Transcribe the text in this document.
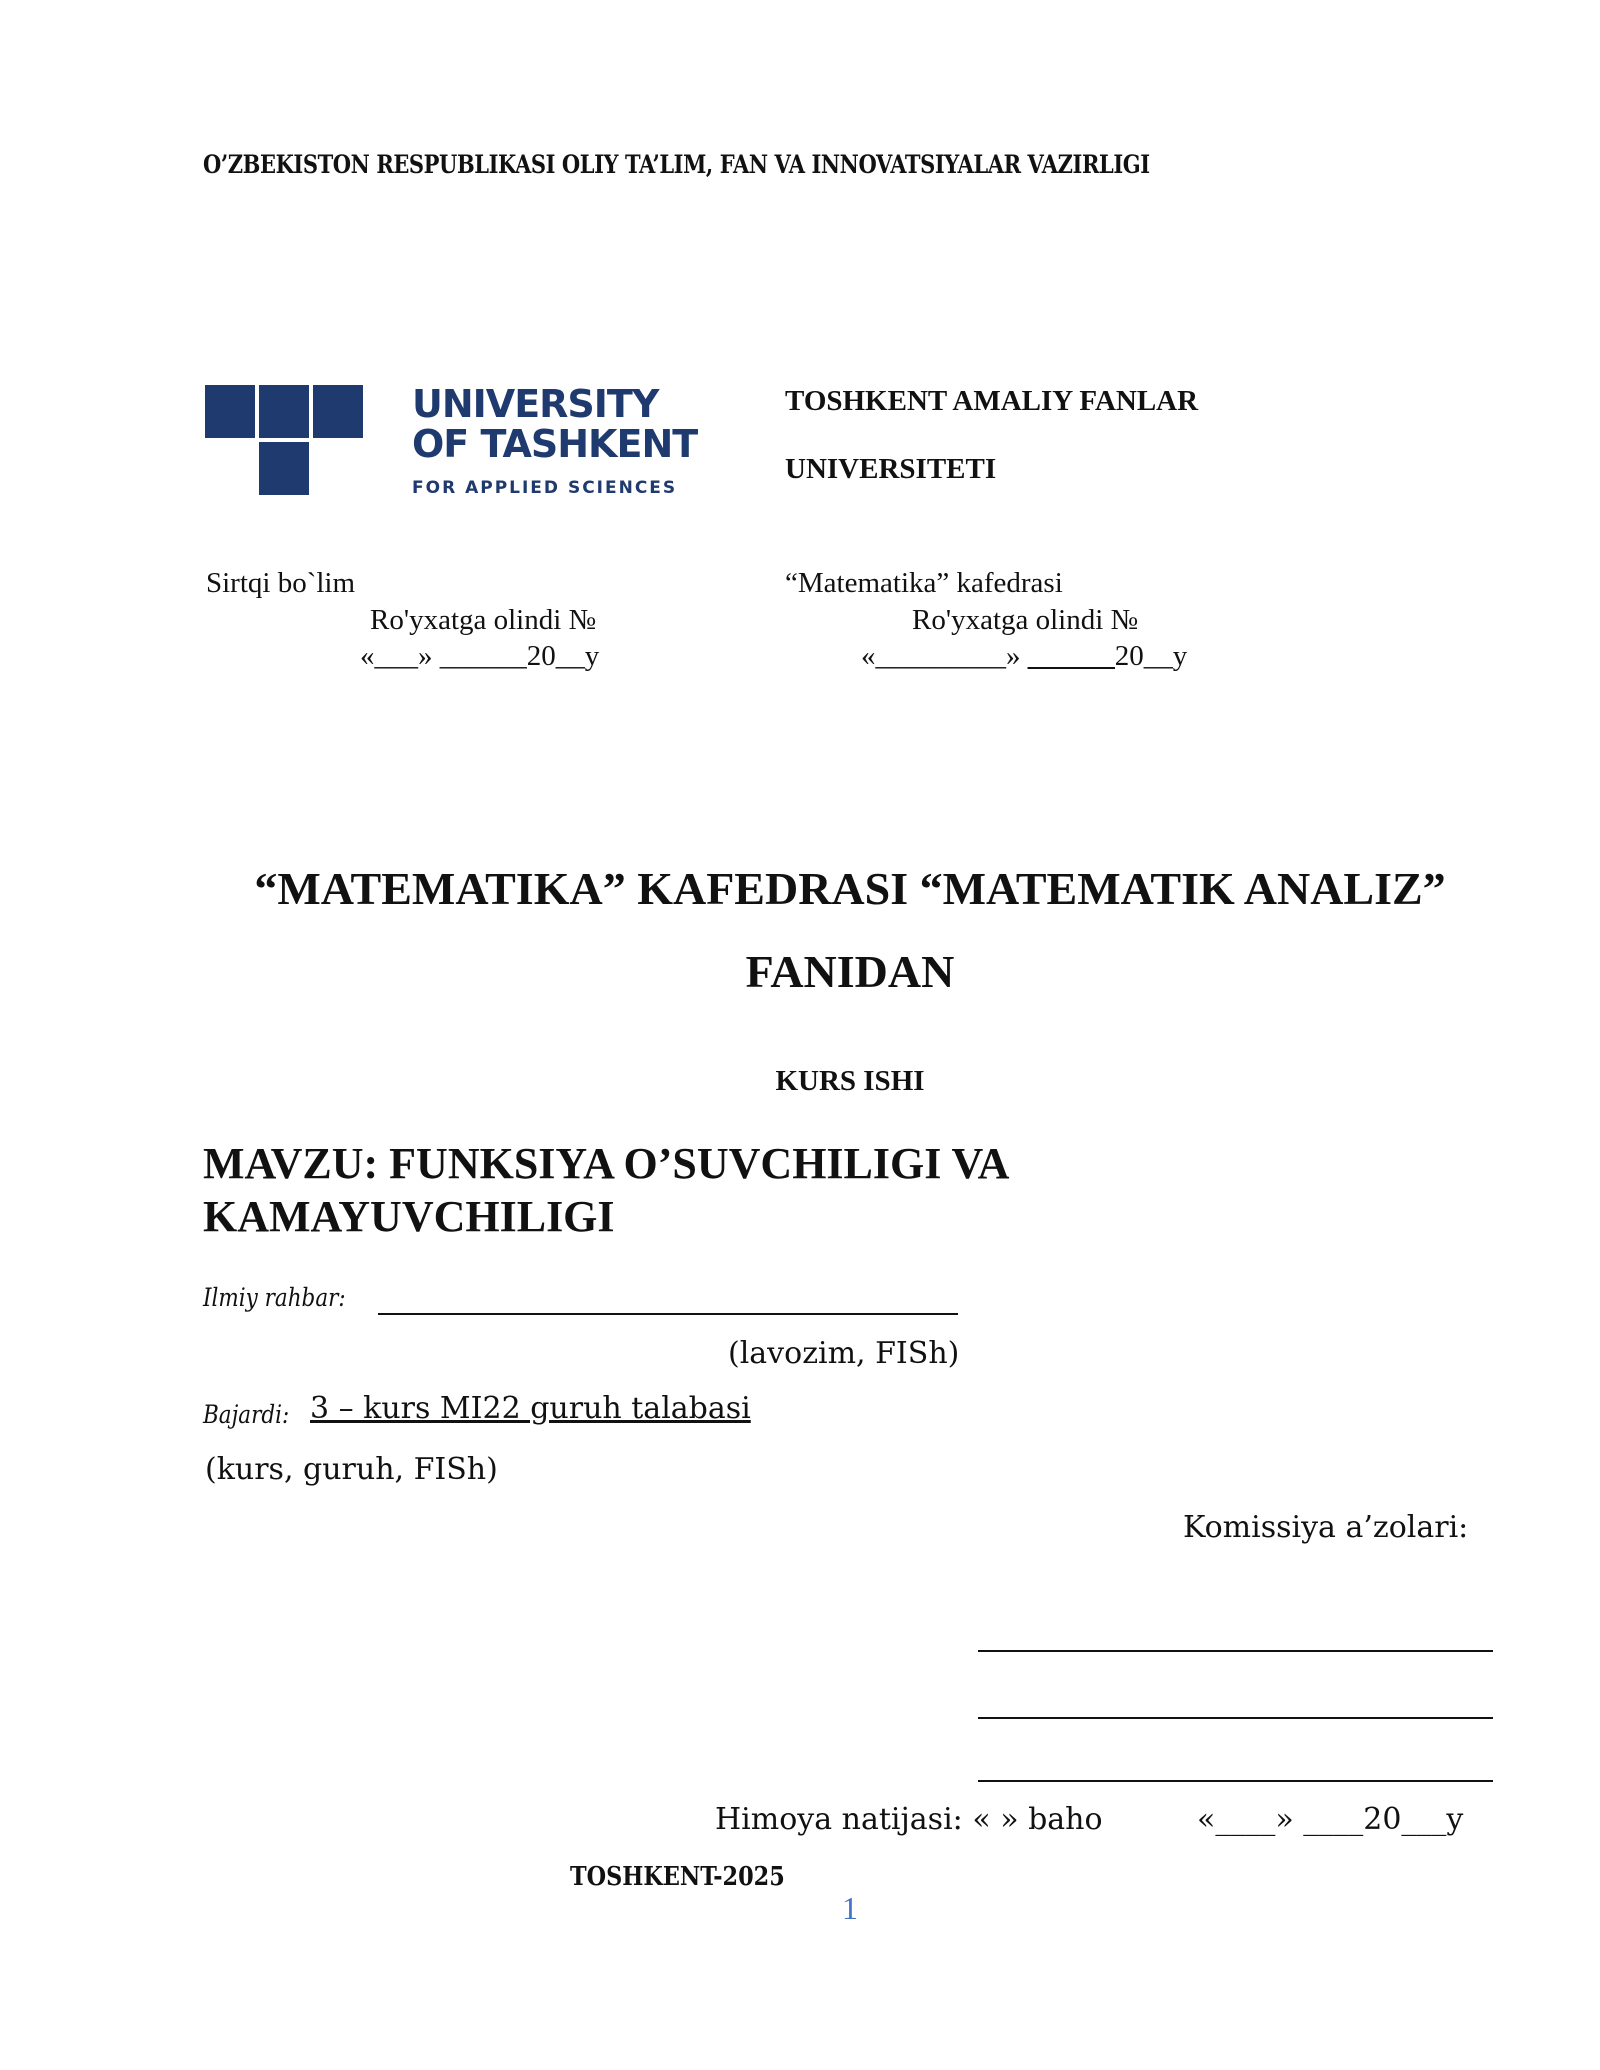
O’ZBEKISTON RESPUBLIKASI OLIY TA’LIM, FAN VA INNOVATSIYALAR VAZIRLIGI
UNIVERSITY
OF TASHKENT
FOR APPLIED SCIENCES
TOSHKENT AMALIY FANLAR
UNIVERSITETI
Sirtqi bo`lim
Ro'yxatga olindi №
«___» ______20__y
“Matematika” kafedrasi
Ro'yxatga olindi №
«_________» ______20__y
“MATEMATIKA” KAFEDRASI “MATEMATIK ANALIZ”
FANIDAN
KURS ISHI
MAVZU: FUNKSIYA O’SUVCHILIGI VA KAMAYUVCHILIGI
Ilmiy rahbar:
(lavozim, FISh)
Bajardi: 3 – kurs MI22 guruh talabasi
(kurs, guruh, FISh)
Komissiya a’zolari:
Himoya natijasi: « » baho	«____» ____20___y
TOSHKENT-2025
1
